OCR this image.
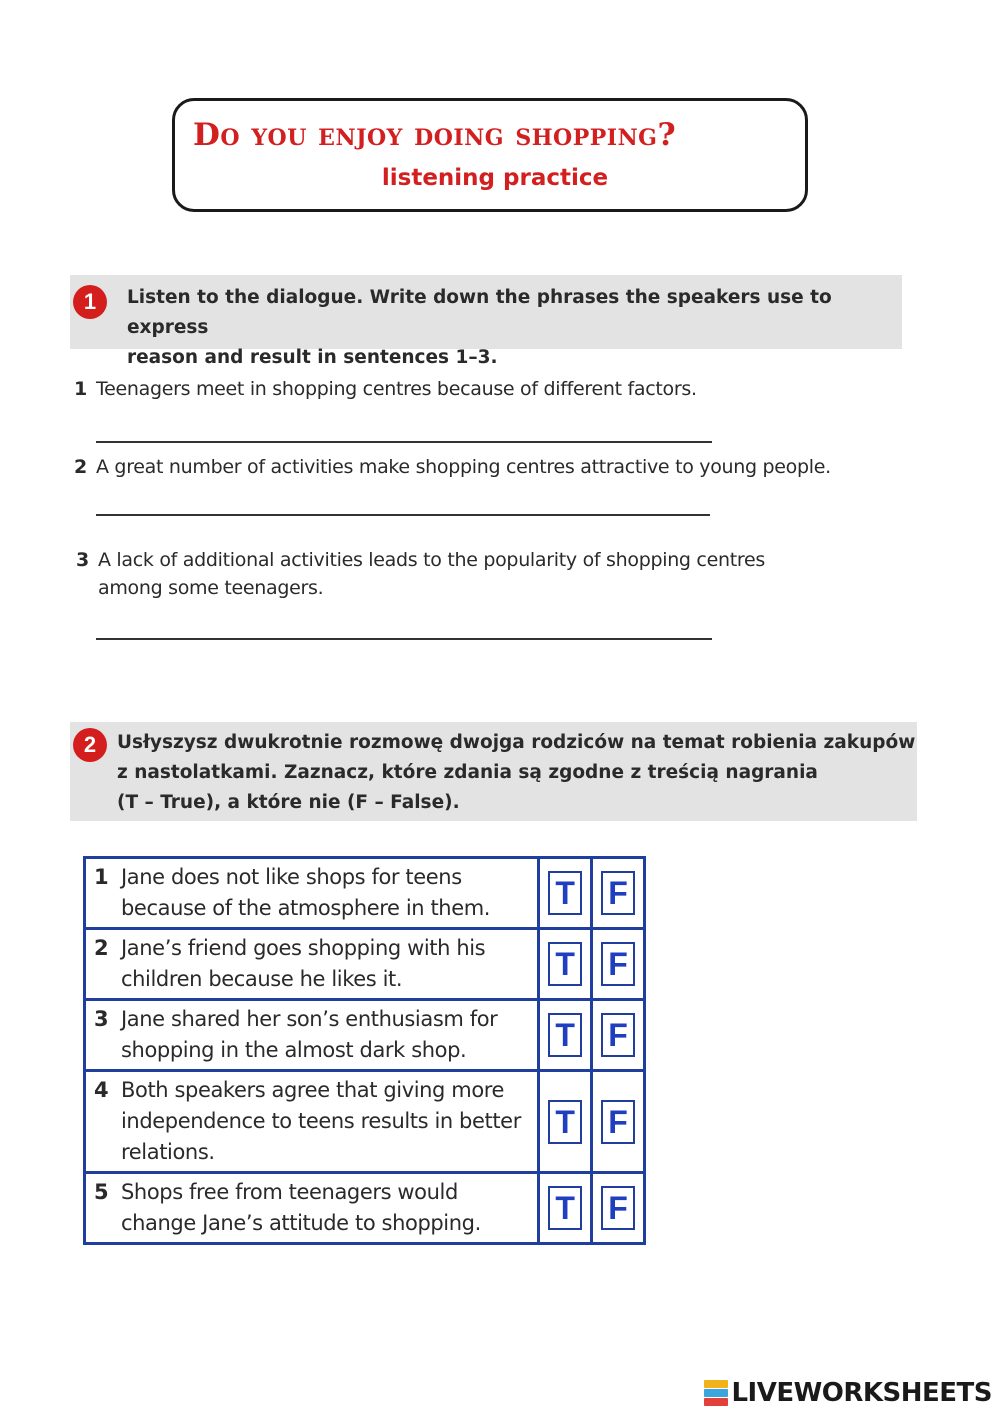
Do you enjoy doing shopping?
listening practice
1	Listen to the dialogue. Write down the phrases the speakers use to express
reason and result in sentences 1–3.
1 Teenagers meet in shopping centres because of different factors.
2 A great number of activities make shopping centres attractive to young people.
3 A lack of additional activities leads to the popularity of shopping centres
among some teenagers.
2	Usłyszysz dwukrotnie rozmowę dwojga rodziców na temat robienia zakupów
z nastolatkami. Zaznacz, które zdania są zgodne z treścią nagrania
(T – True), a które nie (F – False).
1 Jane does not like shops for teens because of the atmosphere in them.	T	F

2 Jane’s friend goes shopping with his children because he likes it.	T	F

3 Jane shared her son’s enthusiasm for shopping in the almost dark shop.	T	F

4 Both speakers agree that giving more independence to teens results in better relations.	T	F

5 Shops free from teenagers would change Jane’s attitude to shopping.	T	F
LIVEWORKSHEETS
